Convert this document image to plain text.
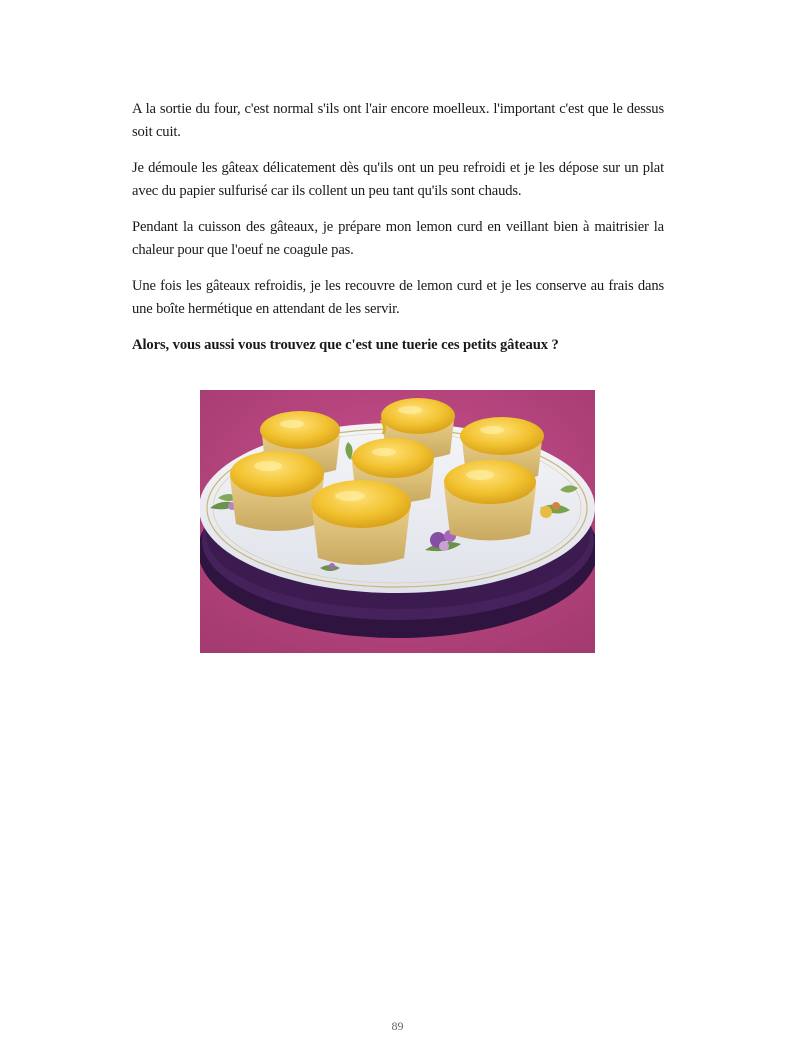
A la sortie du four, c'est normal s'ils ont l'air encore moelleux. l'important c'est que le dessus soit cuit.

Je démoule les gâteax délicatement dès qu'ils ont un peu refroidi et je les dépose sur un plat avec du papier sulfurisé car ils collent un peu tant qu'ils sont chauds.

Pendant la cuisson des gâteaux, je prépare mon lemon curd en veillant bien à maitrisier la chaleur pour que l'oeuf ne coagule pas.

Une fois les gâteaux refroidis, je les recouvre de lemon curd et je les conserve au frais dans une boîte hermétique en attendant de les servir.

Alors, vous aussi vous trouvez que c'est une tuerie ces petits gâteaux ?

89
